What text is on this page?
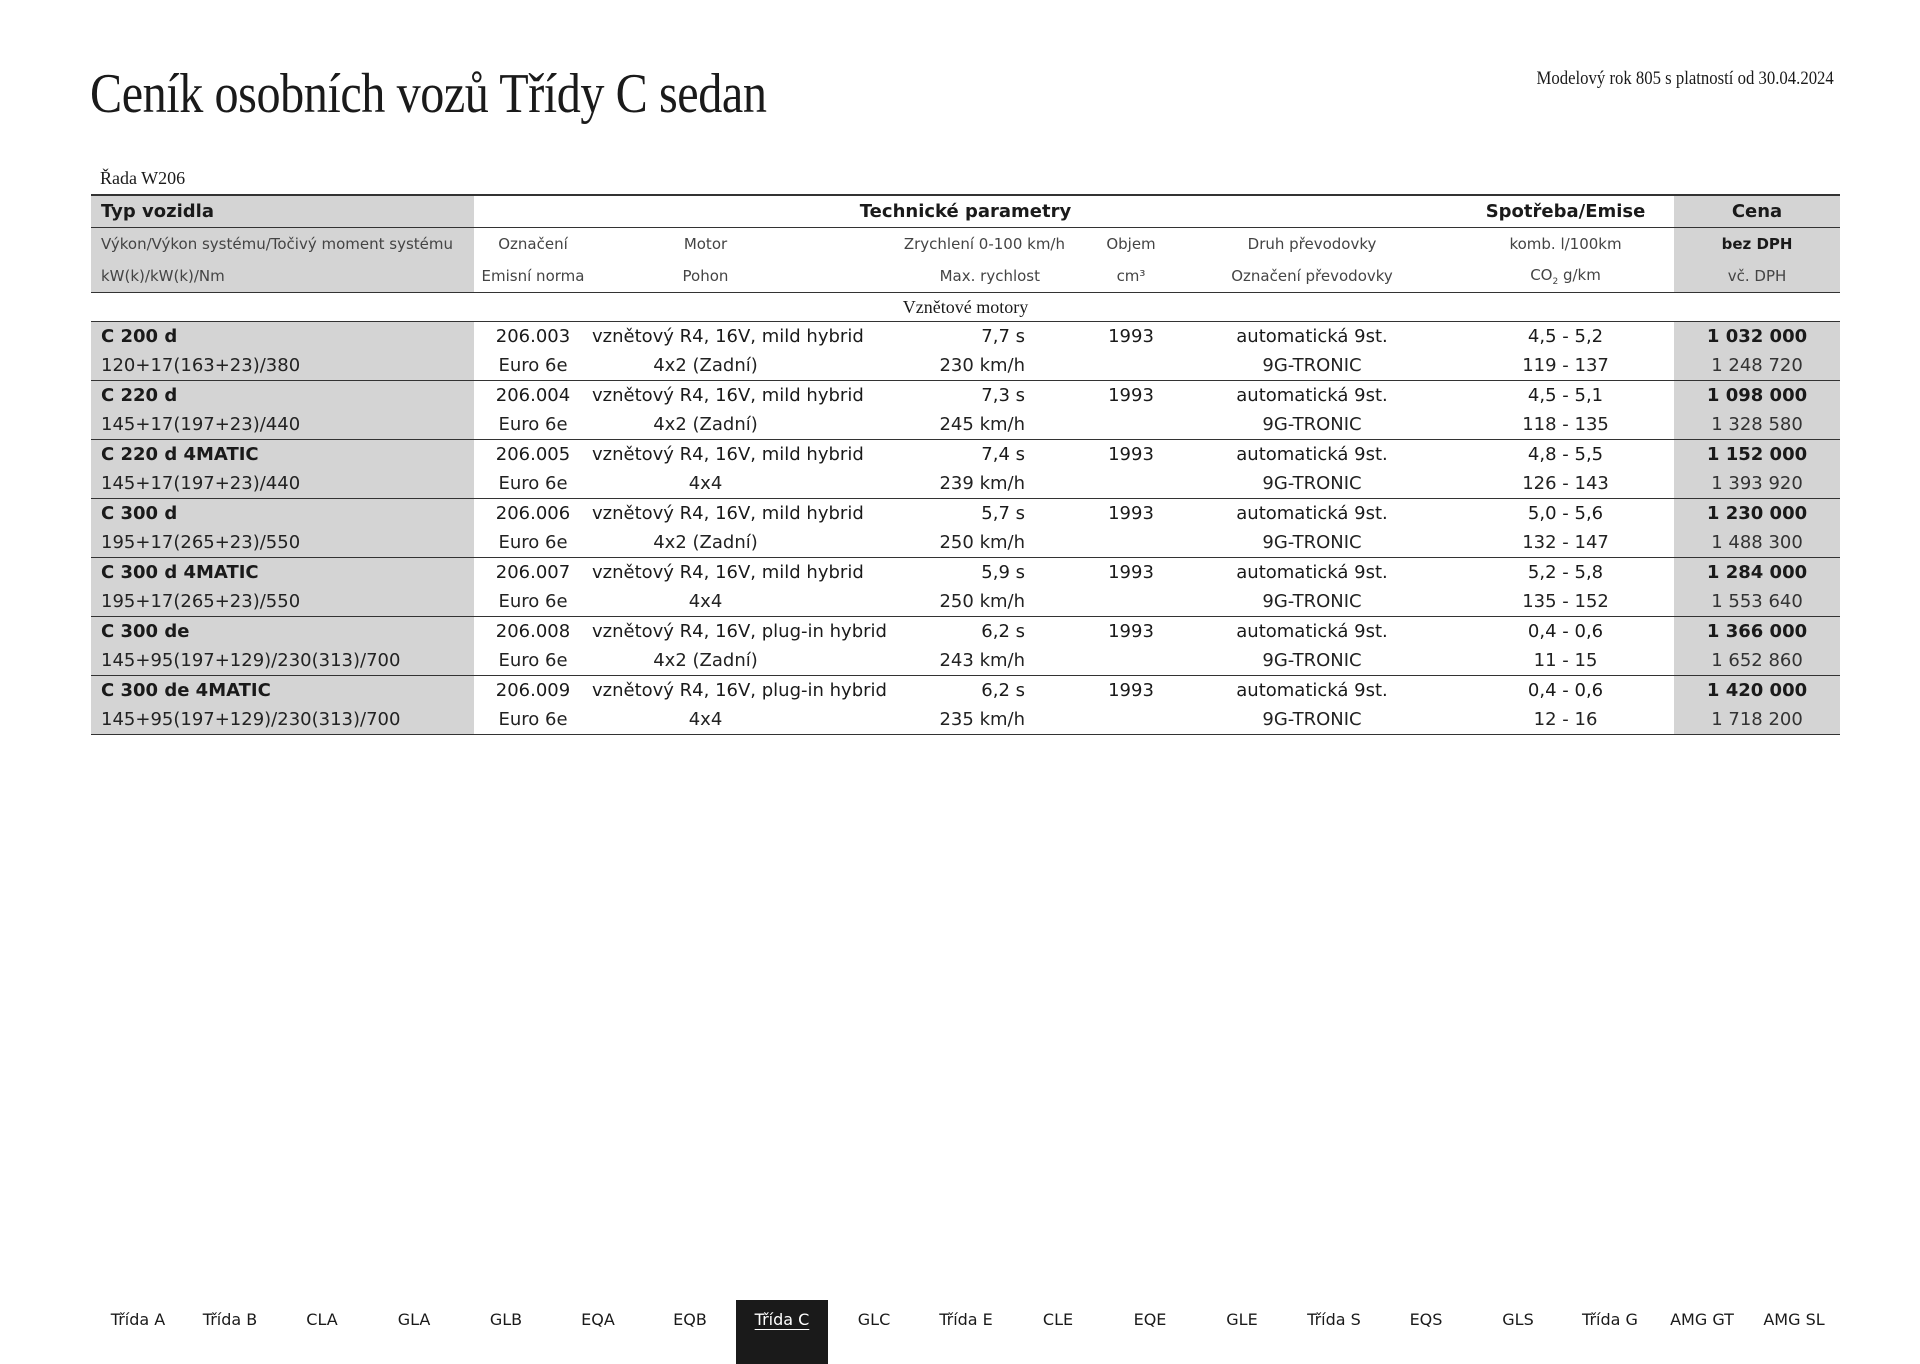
Ceník osobních vozů Třídy C sedan	Modelový rok 805 s platností od 30.04.2024
Řada W206
Typ vozidla	Technické parametry					Spotřeba/Emise	Cena
Výkon/Výkon systému/Točivý moment systému	Označení	Motor	Zrychlení 0-100 km/h	Objem	Druh převodovky	komb. l/100km	bez DPH
kW(k)/kW(k)/Nm	Emisní norma	Pohon	Max. rychlost	cm³	Označení převodovky	$CO_2$ g/km	vč. DPH
Vznětové motory							
C 200 d	206.003	vznětový R4, 16V, mild hybrid	7,7 s	1993	automatická 9st.	4,5 - 5,2	1 032 000
120+17(163+23)/380	Euro 6e	4x2 (Zadní)	230 km/h		9G-TRONIC	119 - 137	1 248 720
C 220 d	206.004	vznětový R4, 16V, mild hybrid	7,3 s	1993	automatická 9st.	4,5 - 5,1	1 098 000
145+17(197+23)/440	Euro 6e	4x2 (Zadní)	245 km/h		9G-TRONIC	118 - 135	1 328 580
C 220 d 4MATIC	206.005	vznětový R4, 16V, mild hybrid	7,4 s	1993	automatická 9st.	4,8 - 5,5	1 152 000
145+17(197+23)/440	Euro 6e	4x4	239 km/h		9G-TRONIC	126 - 143	1 393 920
C 300 d	206.006	vznětový R4, 16V, mild hybrid	5,7 s	1993	automatická 9st.	5,0 - 5,6	1 230 000
195+17(265+23)/550	Euro 6e	4x2 (Zadní)	250 km/h		9G-TRONIC	132 - 147	1 488 300
C 300 d 4MATIC	206.007	vznětový R4, 16V, mild hybrid	5,9 s	1993	automatická 9st.	5,2 - 5,8	1 284 000
195+17(265+23)/550	Euro 6e	4x4	250 km/h		9G-TRONIC	135 - 152	1 553 640
C 300 de	206.008	vznětový R4, 16V, plug-in hybrid	6,2 s	1993	automatická 9st.	0,4 - 0,6	1 366 000
145+95(197+129)/230(313)/700	Euro 6e	4x2 (Zadní)	243 km/h		9G-TRONIC	11 - 15	1 652 860
C 300 de 4MATIC	206.009	vznětový R4, 16V, plug-in hybrid	6,2 s	1993	automatická 9st.	0,4 - 0,6	1 420 000
145+95(197+129)/230(313)/700	Euro 6e	4x4	235 km/h		9G-TRONIC	12 - 16	1 718 200
Třída A Třída B	CLA	GLA	GLB	EQA	EQB	Třída C	GLC	Třída E	CLE	EQE	GLE	Třída S	EQS	GLS	Třída G AMG GT AMG SL
